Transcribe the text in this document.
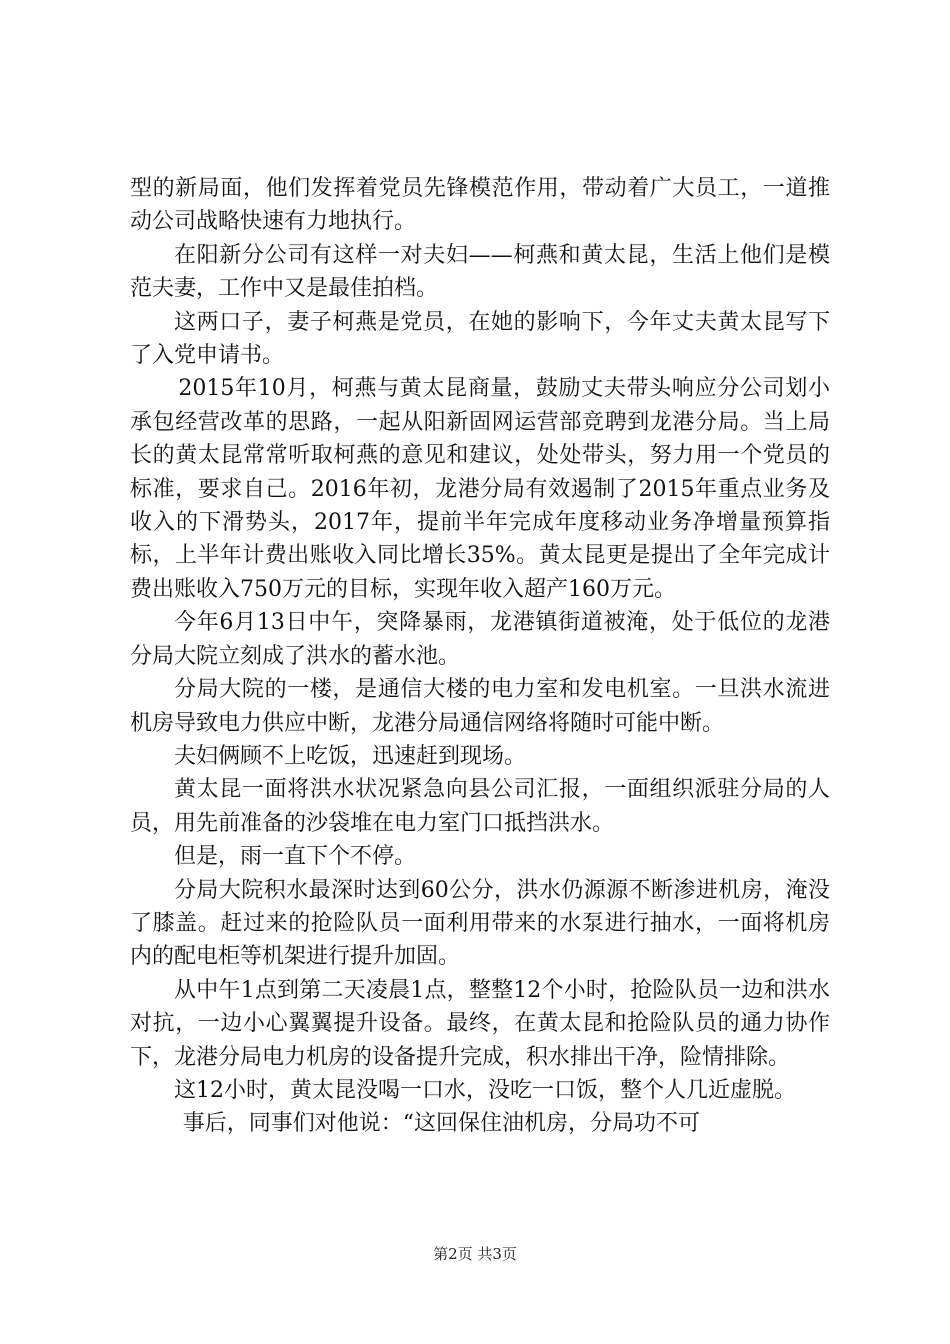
型的新局面，他们发挥着党员先锋模范作用，带动着广大员工，一道推动公司战略快速有力地执行。

在阳新分公司有这样一对夫妇——柯燕和黄太昆，生活上他们是模范夫妻，工作中又是最佳拍档。

这两口子，妻子柯燕是党员，在她的影响下，今年丈夫黄太昆写下了入党申请书。

2015年10月，柯燕与黄太昆商量，鼓励丈夫带头响应分公司划小承包经营改革的思路，一起从阳新固网运营部竞聘到龙港分局。当上局长的黄太昆常常听取柯燕的意见和建议，处处带头，努力用一个党员的标准，要求自己。2016年初，龙港分局有效遏制了2015年重点业务及收入的下滑势头，2017年，提前半年完成年度移动业务净增量预算指标，上半年计费出账收入同比增长35%。黄太昆更是提出了全年完成计费出账收入750万元的目标，实现年收入超产160万元。

今年6月13日中午，突降暴雨，龙港镇街道被淹，处于低位的龙港分局大院立刻成了洪水的蓄水池。

分局大院的一楼，是通信大楼的电力室和发电机室。一旦洪水流进机房导致电力供应中断，龙港分局通信网络将随时可能中断。

夫妇俩顾不上吃饭，迅速赶到现场。

黄太昆一面将洪水状况紧急向县公司汇报，一面组织派驻分局的人员，用先前准备的沙袋堆在电力室门口抵挡洪水。

但是，雨一直下个不停。

分局大院积水最深时达到60公分，洪水仍源源不断渗进机房，淹没了膝盖。赶过来的抢险队员一面利用带来的水泵进行抽水，一面将机房内的配电柜等机架进行提升加固。

从中午1点到第二天凌晨1点，整整12个小时，抢险队员一边和洪水对抗，一边小心翼翼提升设备。最终，在黄太昆和抢险队员的通力协作下，龙港分局电力机房的设备提升完成，积水排出干净，险情排除。

这12小时，黄太昆没喝一口水，没吃一口饭，整个人几近虚脱。

事后，同事们对他说：“这回保住油机房，分局功不可

第2页 共3页
